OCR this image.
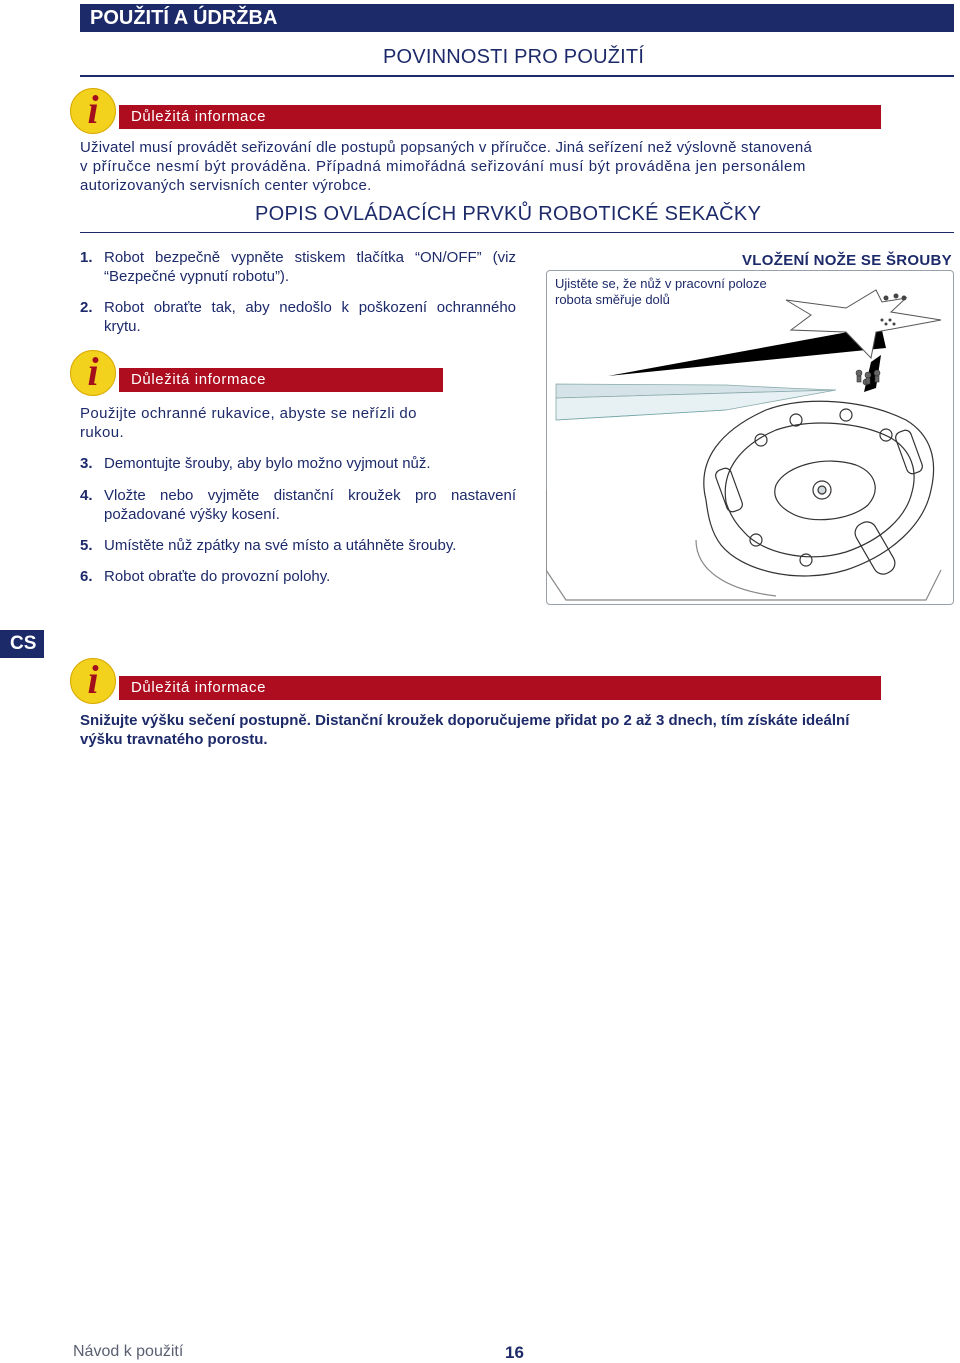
POUŽITÍ A ÚDRŽBA
POVINNOSTI PRO POUŽITÍ
i	Důležitá informace
Uživatel musí provádět seřizování dle postupů popsaných v příručce. Jiná seřízení než výslovně stanovená
v příručce nesmí být prováděna. Případná mimořádná seřizování musí být prováděna jen personálem
autorizovaných servisních center výrobce.
POPIS OVLÁDACÍCH PRVKŮ ROBOTICKÉ SEKAČKY
1. Robot bezpečně vypněte stiskem tlačítka “ON/OFF” (viz “Bezpečné vypnutí robotu”).
2. Robot obraťte tak, aby nedošlo k poškození ochranného krytu.
i	Důležitá informace
Použijte ochranné rukavice, abyste se neřízli do rukou.
3. Demontujte šrouby, aby bylo možno vyjmout nůž.
4. Vložte nebo vyjměte distanční kroužek pro nastavení požadované výšky kosení.
5. Umístěte nůž zpátky na své místo a utáhněte šrouby.
6. Robot obraťte do provozní polohy.
VLOŽENÍ NOŽE SE ŠROUBY
Ujistěte se, že nůž v pracovní poloze robota směřuje dolů
CS
i	Důležitá informace
Snižujte výšku sečení postupně. Distanční kroužek doporučujeme přidat po 2 až 3 dnech, tím získáte ideální výšku travnatého porostu.
Návod k použití	16
